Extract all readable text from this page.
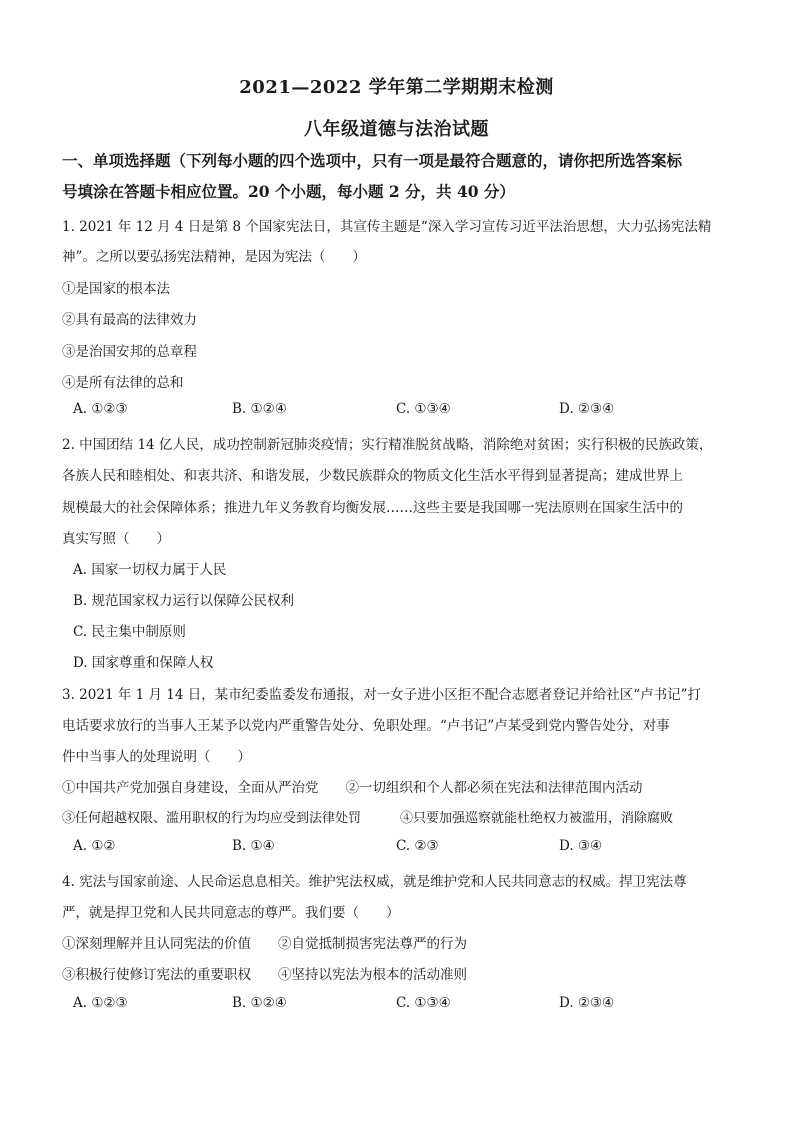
2021—2022 学年第二学期期末检测
八年级道德与法治试题
一、单项选择题（下列每小题的四个选项中，只有一项是最符合题意的，请你把所选答案标
号填涂在答题卡相应位置。20 个小题，每小题 2 分，共 40 分）
1. 2021 年 12 月 4 日是第 8 个国家宪法日，其宣传主题是“深入学习宣传习近平法治思想，大力弘扬宪法精
神”。之所以要弘扬宪法精神，是因为宪法（　　）
①是国家的根本法
②具有最高的法律效力
③是治国安邦的总章程
④是所有法律的总和
A. ①②③	B. ①②④	C. ①③④	D. ②③④
2. 中国团结 14 亿人民，成功控制新冠肺炎疫情；实行精准脱贫战略，消除绝对贫困；实行积极的民族政策，
各族人民和睦相处、和衷共济、和谐发展，少数民族群众的物质文化生活水平得到显著提高；建成世界上
规模最大的社会保障体系；推进九年义务教育均衡发展……这些主要是我国哪一宪法原则在国家生活中的
真实写照（　　）
A. 国家一切权力属于人民
B. 规范国家权力运行以保障公民权利
C. 民主集中制原则
D. 国家尊重和保障人权
3. 2021 年 1 月 14 日，某市纪委监委发布通报，对一女子进小区拒不配合志愿者登记并给社区“卢书记”打
电话要求放行的当事人王某予以党内严重警告处分、免职处理。“卢书记”卢某受到党内警告处分，对事
件中当事人的处理说明（　　）
①中国共产党加强自身建设，全面从严治党　　②一切组织和个人都必须在宪法和法律范围内活动
③任何超越权限、滥用职权的行为均应受到法律处罚　　　④只要加强巡察就能杜绝权力被滥用，消除腐败
A. ①②	B. ①④	C. ②③	D. ③④
4. 宪法与国家前途、人民命运息息相关。维护宪法权威，就是维护党和人民共同意志的权威。捍卫宪法尊
严，就是捍卫党和人民共同意志的尊严。我们要（　　）
①深刻理解并且认同宪法的价值　　②自觉抵制损害宪法尊严的行为
③积极行使修订宪法的重要职权　　④坚持以宪法为根本的活动准则
A. ①②③	B. ①②④	C. ①③④	D. ②③④
